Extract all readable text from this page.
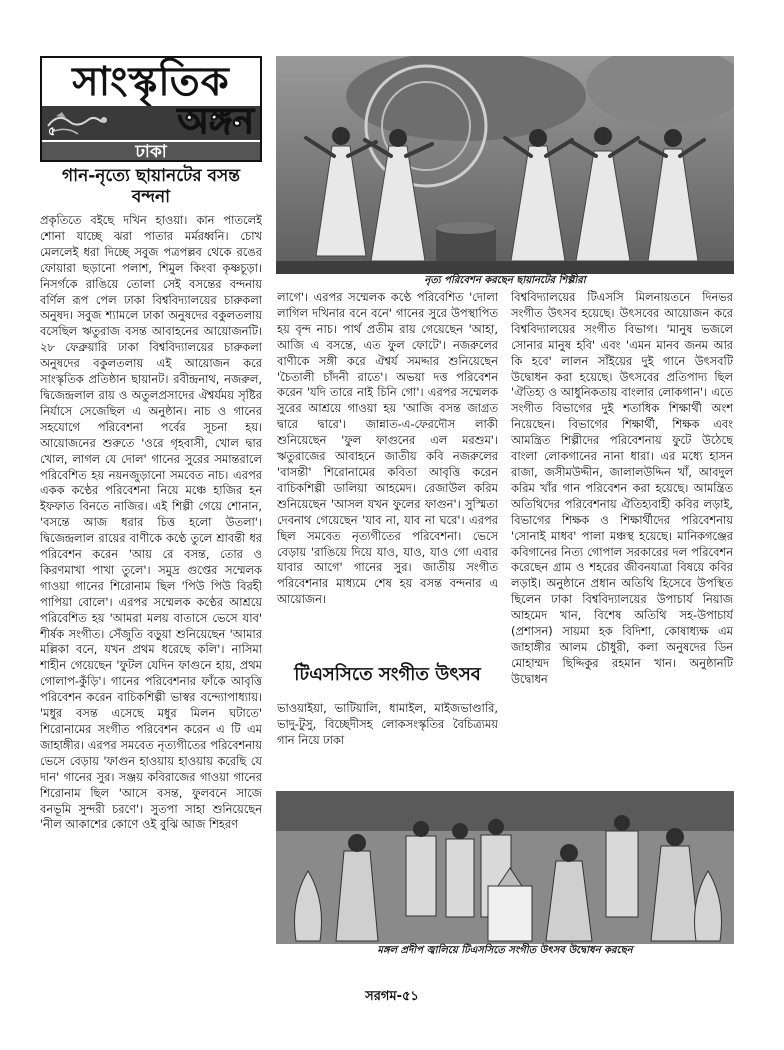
সাংস্কৃতিক
৫	অঙ্গন
ঢাকা
গান-নৃত্যে ছায়ানটের বসন্ত বন্দনা
প্রকৃতিতে বইছে দখিন হাওয়া। কান পাতলেই শোনা যাচ্ছে ঝরা পাতার মর্মরধ্বনি। চোখ মেললেই ধরা দিচ্ছে সবুজ পত্রপল্লব থেকে রঙের ফোয়ারা ছড়ানো পলাশ, শিমুল কিংবা কৃষ্ণচূড়া। নিসর্গকে রাঙিয়ে তোলা সেই বসন্তের বন্দনায় বর্ণিল রূপ পেল ঢাকা বিশ্ববিদ্যালয়ের চারুকলা অনুষদ। সবুজ শ্যামলে ঢাকা অনুষদের বকুলতলায় বসেছিল ঋতুরাজ বসন্ত আবাহনের আয়োজনটি। ২৮ ফেব্রুয়ারি ঢাকা বিশ্ববিদ্যালয়ের চারুকলা অনুষদের বকুলতলায় এই আয়োজন করে সাংস্কৃতিক প্রতিষ্ঠান ছায়ানট। রবীন্দ্রনাথ, নজরুল, দ্বিজেন্দ্রলাল রায় ও অতুলপ্রসাদের ঐশ্বর্যময় সৃষ্টির নির্যাসে সেজেছিল এ অনুষ্ঠান। নাচ ও গানের সহযোগে পরিবেশনা পর্বের সূচনা হয়। আয়োজনের শুরুতে 'ওরে গৃহবাসী, খোল দ্বার খোল, লাগল যে দোল' গানের সুরের সমান্তরালে পরিবেশিত হয় নয়নজুড়ানো সমবেত নাচ। এরপর একক কণ্ঠের পরিবেশনা নিয়ে মঞ্চে হাজির হন ইফফাত বিনতে নাজির। এই শিল্পী গেয়ে শোনান, 'বসন্তে আজ ধরার চিত্ত হলো উতলা'। দ্বিজেন্দ্রলাল রায়ের বাণীকে কণ্ঠে তুলে শ্রাবন্তী ধর পরিবেশন করেন 'আয় রে বসন্ত, তোর ও কিরণমাখা পাখা তুলে'। সমুদ্র গুপ্তের সম্মেলক গাওয়া গানের শিরোনাম ছিল 'পিউ পিউ বিরহী পাপিয়া বোলে'। এরপর সম্মেলক কণ্ঠের আশ্রয়ে পরিবেশিত হয় 'আমরা মলয় বাতাসে ভেসে যাব' শীর্ষক সংগীত। সেঁজুতি বড়ুয়া শুনিয়েছেন 'আমার মল্লিকা বনে, যখন প্রথম ধরেছে কলি'। নাসিমা শাহীন গেয়েছেন 'ফুটল যেদিন ফাগুনে হায়, প্রথম গোলাপ-কুঁড়ি'। গানের পরিবেশনার ফাঁকে আবৃত্তি পরিবেশন করেন বাচিকশিল্পী ভাস্বর বন্দ্যোপাধ্যায়। 'মধুর বসন্ত এসেছে মধুর মিলন ঘটাতে' শিরোনামের সংগীত পরিবেশন করেন এ টি এম জাহাঙ্গীর। এরপর সমবেত নৃত্যগীতের পরিবেশনায় ভেসে বেড়ায় 'ফাগুন হাওয়ায় হাওয়ায় করেছি যে দান' গানের সুর। সঞ্জয় কবিরাজের গাওয়া গানের শিরোনাম ছিল 'আসে বসন্ত, ফুলবনে সাজে বনভূমি সুন্দরী চরণে'। সুতপা সাহা শুনিয়েছেন 'নীল আকাশের কোণে ওই বুঝি আজ শিহরণ
নৃত্য পরিবেশন করছেন ছায়ানটের শিল্পীরা
লাগে'। এরপর সম্মেলক কণ্ঠে পরিবেশিত 'দোলা লাগিল দখিনার বনে বনে' গানের সুরে উপস্থাপিত হয় বৃন্দ নাচ। পার্থ প্রতীম রায় গেয়েছেন 'আহা, আজি এ বসন্তে, এত ফুল ফোটে'। নজরুলের বাণীকে সঙ্গী করে ঐশ্বর্য সমদ্দার শুনিয়েছেন 'চৈতালী চাঁদনী রাতে'। অভয়া দত্ত পরিবেশন করেন 'যদি তারে নাই চিনি গো'। এরপর সম্মেলক সুরের আশ্রয়ে গাওয়া হয় 'আজি বসন্ত জাগ্রত দ্বারে দ্বারে'। জান্নাত-এ-ফেরদৌস লাকী শুনিয়েছেন 'ফুল ফাগুনের এল মরশুম'। ঋতুরাজের আবাহনে জাতীয় কবি নজরুলের 'বাসন্তী' শিরোনামের কবিতা আবৃত্তি করেন বাচিকশিল্পী ডালিয়া আহমেদ। রেজাউল করিম শুনিয়েছেন 'আসল যখন ফুলের ফাগুন'। সুস্মিতা দেবনাথ গেয়েছেন 'যাব না, যাব না ঘরে'। এরপর ছিল সমবেত নৃত্যগীতের পরিবেশনা। ভেসে বেড়ায় 'রাঙিয়ে দিয়ে যাও, যাও, যাও গো এবার যাবার আগে' গানের সুর। জাতীয় সংগীত পরিবেশনার মাধ্যমে শেষ হয় বসন্ত বন্দনার এ আয়োজন।
টিএসসিতে সংগীত উৎসব
ভাওয়াইয়া, ভাটিয়ালি, ধামাইল, মাইজভাণ্ডারি, ভাদু-টুসু, বিচ্ছেদীসহ লোকসংস্কৃতির বৈচিত্র্যময় গান নিয়ে ঢাকা
বিশ্ববিদ্যালয়ের টিএসসি মিলনায়তনে দিনভর সংগীত উৎসব হয়েছে। উৎসবের আয়োজন করে বিশ্ববিদ্যালয়ের সংগীত বিভাগ। 'মানুষ ভজলে সোনার মানুষ হবি' এবং 'এমন মানব জনম আর কি হবে' লালন সাঁইয়ের দুই গানে উৎসবটি উদ্বোধন করা হয়েছে। উৎসবের প্রতিপাদ্য ছিল 'ঐতিহ্য ও আধুনিকতায় বাংলার লোকগান'। এতে সংগীত বিভাগের দুই শতাধিক শিক্ষার্থী অংশ নিয়েছেন। বিভাগের শিক্ষার্থী, শিক্ষক এবং আমন্ত্রিত শিল্পীদের পরিবেশনায় ফুটে উঠেছে বাংলা লোকগানের নানা ধারা। এর মধ্যে হাসন রাজা, জসীমউদ্দীন, জালালউদ্দিন খাঁ, আবদুল করিম খাঁর গান পরিবেশন করা হয়েছে। আমন্ত্রিত অতিথিদের পরিবেশনায় ঐতিহ্যবাহী কবির লড়াই, বিভাগের শিক্ষক ও শিক্ষার্থীদের পরিবেশনায় 'সোনাই মাধব' পালা মঞ্চস্থ হয়েছে। মানিকগঞ্জের কবিগানের নিত্য গোপাল সরকারের দল পরিবেশন করেছেন গ্রাম ও শহরের জীবনযাত্রা বিষয়ে কবির লড়াই। অনুষ্ঠানে প্রধান অতিথি হিসেবে উপস্থিত ছিলেন ঢাকা বিশ্ববিদ্যালয়ের উপাচার্য নিয়াজ আহমেদ খান, বিশেষ অতিথি সহ-উপাচার্য (প্রশাসন) সায়মা হক বিদিশা, কোষাধ্যক্ষ এম জাহাঙ্গীর আলম চৌধুরী, কলা অনুষদের ডিন মোহাম্মদ ছিদ্দিকুর রহমান খান। অনুষ্ঠানটি উদ্বোধন
মঙ্গল প্রদীপ জ্বালিয়ে টিএসসিতে সংগীত উৎসব উদ্বোধন করছেন
সরগম-৫১
